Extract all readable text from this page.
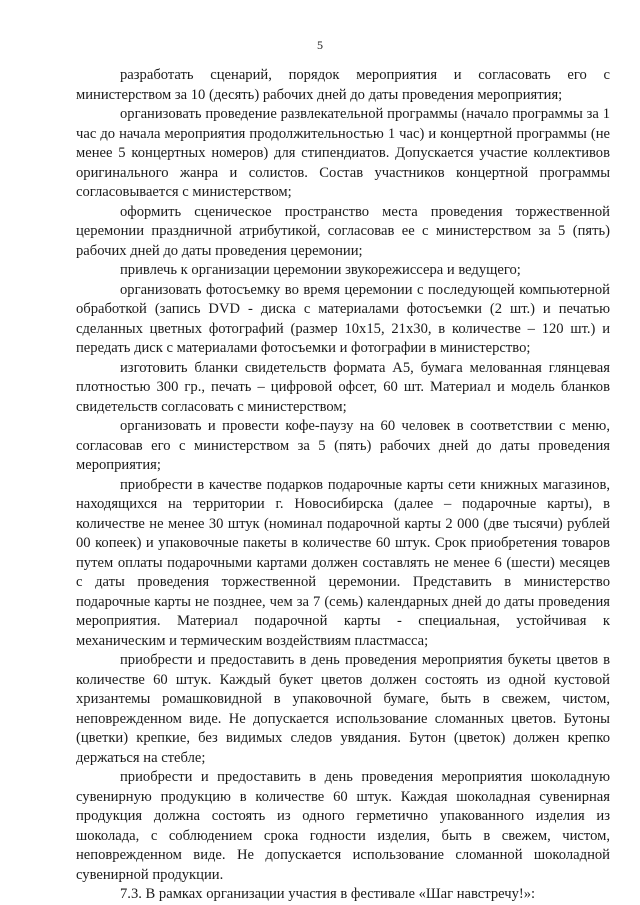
5

разработать сценарий, порядок мероприятия и согласовать его с министерством за 10 (десять) рабочих дней до даты проведения мероприятия;

организовать проведение развлекательной программы (начало программы за 1 час до начала мероприятия продолжительностью 1 час) и концертной программы (не менее 5 концертных номеров) для стипендиатов. Допускается участие коллективов оригинального жанра и солистов. Состав участников концертной программы согласовывается с министерством;

оформить сценическое пространство места проведения торжественной церемонии праздничной атрибутикой, согласовав ее с министерством за 5 (пять) рабочих дней до даты проведения церемонии;

привлечь к организации церемонии звукорежиссера и ведущего;

организовать фотосъемку во время церемонии с последующей компьютерной обработкой (запись DVD - диска с материалами фотосъемки (2 шт.) и печатью сделанных цветных фотографий (размер 10х15, 21х30, в количестве – 120 шт.) и передать диск с материалами фотосъемки и фотографии в министерство;

изготовить бланки свидетельств формата А5, бумага мелованная глянцевая плотностью 300 гр., печать – цифровой офсет, 60 шт. Материал и модель бланков свидетельств согласовать с министерством;

организовать и провести кофе-паузу на 60 человек в соответствии с меню, согласовав его с министерством за 5 (пять) рабочих дней до даты проведения мероприятия;

приобрести в качестве подарков подарочные карты сети книжных магазинов, находящихся на территории г. Новосибирска (далее – подарочные карты), в количестве не менее 30 штук (номинал подарочной карты 2 000 (две тысячи) рублей 00 копеек) и упаковочные пакеты в количестве 60 штук. Срок приобретения товаров путем оплаты подарочными картами должен составлять не менее 6 (шести) месяцев с даты проведения торжественной церемонии. Представить в министерство подарочные карты не позднее, чем за 7 (семь) календарных дней до даты проведения мероприятия. Материал подарочной карты - специальная, устойчивая к механическим и термическим воздействиям пластмасса;

приобрести и предоставить в день проведения мероприятия букеты цветов в количестве 60 штук. Каждый букет цветов должен состоять из одной кустовой хризантемы ромашковидной в упаковочной бумаге, быть в свежем, чистом, неповрежденном виде. Не допускается использование сломанных цветов. Бутоны (цветки) крепкие, без видимых следов увядания. Бутон (цветок) должен крепко держаться на стебле;

приобрести и предоставить в день проведения мероприятия шоколадную сувенирную продукцию в количестве 60 штук. Каждая шоколадная сувенирная продукция должна состоять из одного герметично упакованного изделия из шоколада, с соблюдением срока годности изделия, быть в свежем, чистом, неповрежденном виде. Не допускается использование сломанной шоколадной сувенирной продукции.

7.3. В рамках организации участия в фестивале «Шаг навстречу!»:
